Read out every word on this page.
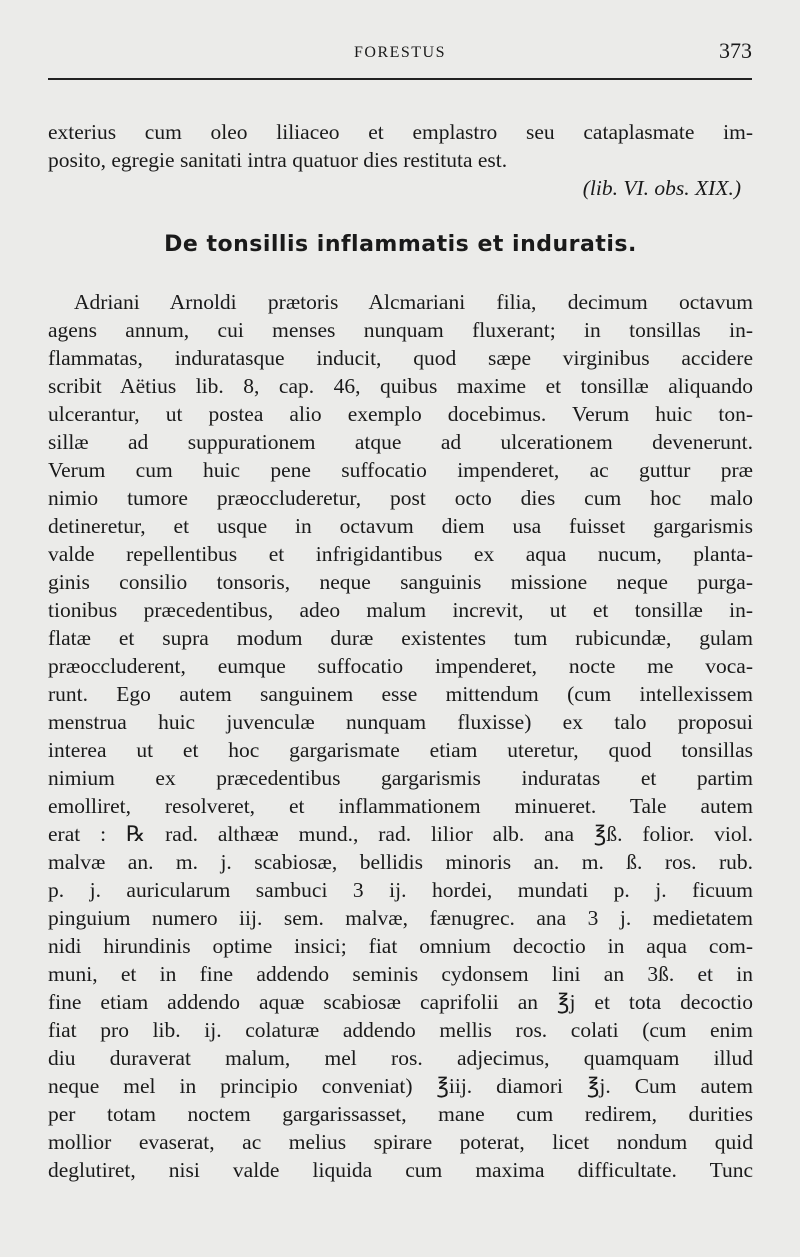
FORESTUS	373
exterius cum oleo liliaceo et emplastro seu cataplasmate im-
posito, egregie sanitati intra quatuor dies restituta est.
(lib. VI. obs. XIX.)
De tonsillis inflammatis et induratis.
Adriani Arnoldi prætoris Alcmariani filia, decimum octavum
agens annum, cui menses nunquam fluxerant; in tonsillas in-
flammatas, induratasque inducit, quod sæpe virginibus accidere
scribit Aëtius lib. 8, cap. 46, quibus maxime et tonsillæ aliquando
ulcerantur, ut postea alio exemplo docebimus. Verum huic ton-
sillæ ad suppurationem atque ad ulcerationem devenerunt.
Verum cum huic pene suffocatio impenderet, ac guttur præ
nimio tumore præoccluderetur, post octo dies cum hoc malo
detineretur, et usque in octavum diem usa fuisset gargarismis
valde repellentibus et infrigidantibus ex aqua nucum, planta-
ginis consilio tonsoris, neque sanguinis missione neque purga-
tionibus præcedentibus, adeo malum increvit, ut et tonsillæ in-
flatæ et supra modum duræ existentes tum rubicundæ, gulam
præoccluderent, eumque suffocatio impenderet, nocte me voca-
runt. Ego autem sanguinem esse mittendum (cum intellexissem
menstrua huic juvenculæ nunquam fluxisse) ex talo proposui
interea ut et hoc gargarismate etiam uteretur, quod tonsillas
nimium ex præcedentibus gargarismis induratas et partim
emolliret, resolveret, et inflammationem minueret. Tale autem
erat : ℞ rad. althææ mund., rad. lilior alb. ana ℥ß. folior. viol.
malvæ an. m. j. scabiosæ, bellidis minoris an. m. ß. ros. rub.
p. j. auricularum sambuci 3 ij. hordei, mundati p. j. ficuum
pinguium numero iij. sem. malvæ, fænugrec. ana 3 j. medietatem
nidi hirundinis optime insici; fiat omnium decoctio in aqua com-
muni, et in fine addendo seminis cydonsem lini an 3ß. et in
fine etiam addendo aquæ scabiosæ caprifolii an ℥j et tota decoctio
fiat pro lib. ij. colaturæ addendo mellis ros. colati (cum enim
diu duraverat malum, mel ros. adjecimus, quamquam illud
neque mel in principio conveniat) ℥iij. diamori ℥j. Cum autem
per totam noctem gargarissasset, mane cum redirem, durities
mollior evaserat, ac melius spirare poterat, licet nondum quid
deglutiret, nisi valde liquida cum maxima difficultate. Tunc
